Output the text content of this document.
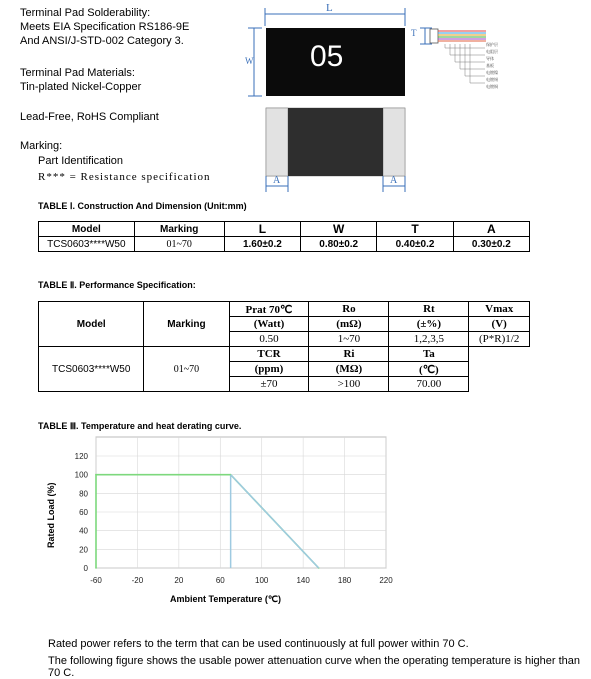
Terminal Pad Solderability:
Meets EIA Specification RS186-9E
And ANSI/J-STD-002 Category 3.
Terminal Pad Materials:
Tin-plated Nickel-Copper
Lead-Free, RoHS Compliant
Marking:
Part Identification
R*** = Resistance specification
L
W
T
05
A	A
保护层
电阻层
导体
基板
电镀镍
电镀锡
电镀铜
TABLE Ⅰ. Construction And Dimension (Unit:mm)
Model	Marking	L	W	T	A
TCS0603****W50	01~70	1.60±0.2	0.80±0.2	0.40±0.2	0.30±0.2
TABLE Ⅱ. Performance Specification:
Model	Marking	Prat 70℃	Ro	Rt	Vmax
		(Watt)	(mΩ)	(±%)	(V)
		0.50	1~70	1,2,3,5	(P*R)1/2
TCS0603****W50	01~70	TCR	Ri	Ta	
		(ppm)	(MΩ)	(℃)	
		±70	>100	70.00	
TABLE Ⅲ. Temperature and heat derating curve.
120
100
80
60
40
20
0
-60	-20	20	60	100	140	180	220
Rated Load (%)
Ambient Temperature (℃)
Rated power refers to the term that can be used continuously at full power within 70 C.
The following figure shows the usable power attenuation curve when the operating temperature is higher than 70 C.
